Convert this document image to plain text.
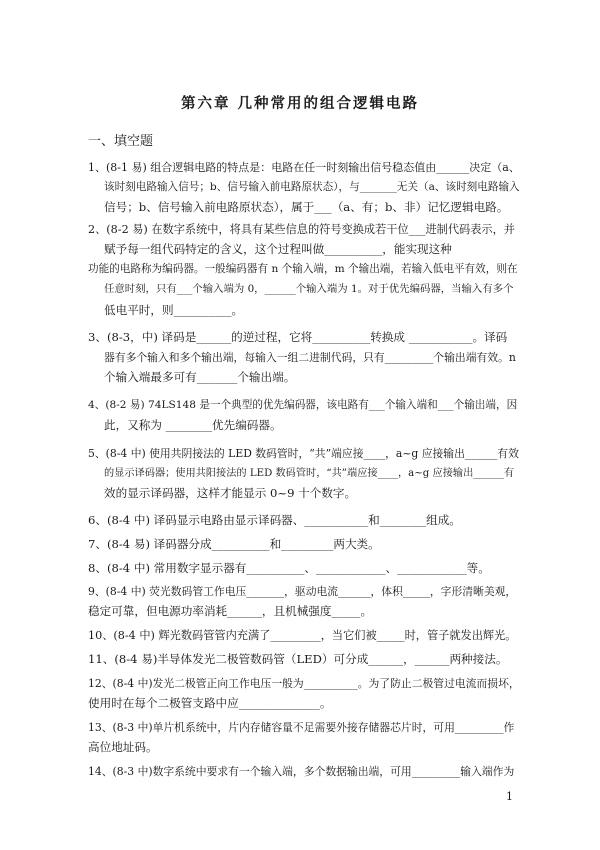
第六章 几种常用的组合逻辑电路
一、填空题
1、(8-1 易) 组合逻辑电路的特点是：电路在任一时刻输出信号稳态值由______决定（a、
该时刻电路输入信号；b、信号输入前电路原状态），与_______无关（a、该时刻电路输入
信号；b、信号输入前电路原状态），属于___（a、有；b、非）记忆逻辑电路。
2、(8-2 易) 在数字系统中，将具有某些信息的符号变换成若干位___进制代码表示，并
赋予每一组代码特定的含义，这个过程叫做__________，能实现这种
功能的电路称为编码器。一般编码器有 n 个输入端，m 个输出端，若输入低电平有效，则在
任意时刻，只有___个输入端为 0，______个输入端为 1。对于优先编码器，当输入有多个
低电平时，则__________。
3、(8-3，中) 译码是______的逆过程，它将__________转换成 ___________。译码
器有多个输入和多个输出端，每输入一组二进制代码，只有_________个输出端有效。n
个输入端最多可有_______个输出端。
4、(8-2 易) 74LS148 是一个典型的优先编码器，该电路有___个输入端和___个输出端，因
此，又称为 ________优先编码器。
5、(8-4 中) 使用共阴接法的 LED 数码管时，“共”端应接____，a~g 应接输出______有效
的显示译码器；使用共阳接法的 LED 数码管时，“共”端应接____，a~g 应接输出______有
效的显示译码器，这样才能显示 0~9 十个数字。
6、(8-4 中) 译码显示电路由显示译码器、___________和________组成。
7、(8-4 易) 译码器分成__________和_________两大类。
8、(8-4 中) 常用数字显示器有__________、____________、____________等。
9、(8-4 中) 荧光数码管工作电压_______，驱动电流______，体积_____，字形清晰美观，
稳定可靠，但电源功率消耗______，且机械强度_____。
10、(8-4 中) 辉光数码管管内充满了_________，当它们被_____时，管子就发出辉光。
11、(8-4 易)半导体发光二极管数码管（LED）可分成______，______两种接法。
12、(8-4 中)发光二极管正向工作电压一般为__________。为了防止二极管过电流而损坏，
使用时在每个二极管支路中应______________。
13、(8-3 中)单片机系统中，片内存储容量不足需要外接存储器芯片时，可用_________作
高位地址码。
14、(8-3 中)数字系统中要求有一个输入端，多个数据输出端，可用_________输入端作为
1
